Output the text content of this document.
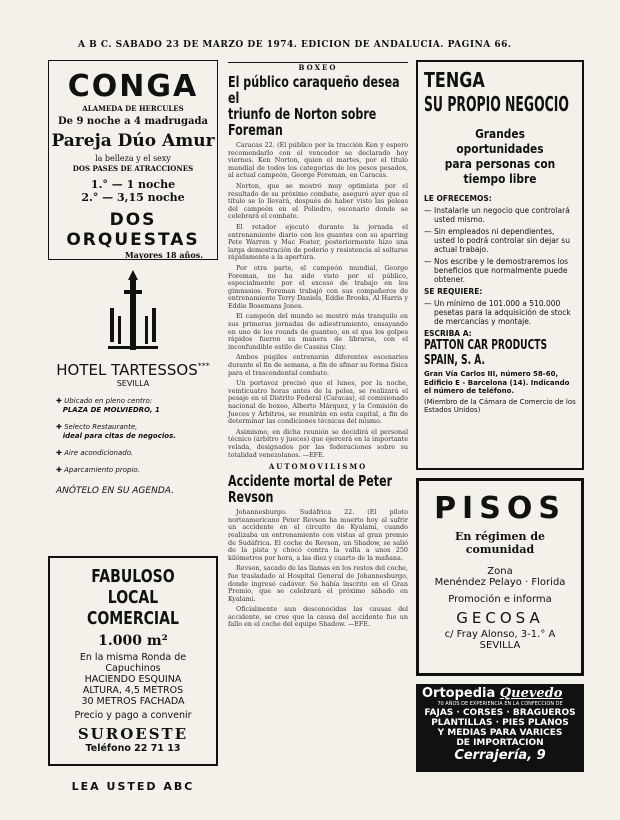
A B C. SABADO 23 DE MARZO DE 1974. EDICION DE ANDALUCIA. PAGINA 66.
CONGA
ALAMEDA DE HERCULES
De 9 noche a 4 madrugada
Pareja Dúo Amur
la belleza y el sexy
DOS PASES DE ATRACCIONES
1.° — 1 noche
2.° — 3,15 noche
DOS ORQUESTAS
Mayores 18 años.
HOTEL TARTESSOS***
SEVILLA
✚ Ubicado en pleno centro:
PLAZA DE MOLVIEDRO, 1
✚ Selecto Restaurante,
ideal para citas de negocios.
✚ Aire acondicionado.
✚ Aparcamiento propio.
ANÓTELO EN SU AGENDA.
FABULOSO LOCAL
COMERCIAL
1.000 m²
En la misma Ronda de
Capuchinos
HACIENDO ESQUINA
ALTURA, 4,5 METROS
30 METROS FACHADA
Precio y pago a convenir
SUROESTE
Teléfono 22 71 13
LEA USTED ABC
BOXEO
El público caraqueño desea el
triunfo de Norton sobre Foreman

Caracas 22. (El público por la tracción Ken y espero recomendarlo con el vencedor se declarado hoy viernes. Ken Norton, quien el martes, por el título mundial de todos los categorías de los pesos pesados, al actual campeón, George Foreman, en Caracas.

Norton, que se mostró muy optimista por el resultado de su próximo combate, aseguró ayer que el título se lo llevará, después de haber visto las peleas del campeón en el Poliedro, escenario donde se celebrará el combate.

El retador ejecutó durante la jornada el entrenamiento diario con los guantes con su sparring Pete Warren y Mac Foster, posteriormente hizo una larga demostración de poderío y resistencia al soltarse rápidamente a la apertura.

Por otra parte, el campeón mundial, George Foreman, no ha sido visto por el público, especialmente por el exceso de trabajo en los gimnasios. Foreman trabajó con sus compañeros de entrenamiento Terry Daniels, Eddie Brooks, Al Harris y Eddie Bosemans Jones.

El campeón del mundo se mostró más tranquilo en sus primeras jornadas de adiestramiento, ensayando en uno de los rounds de guanteo, en el que los golpes rápidos fueron su manera de librarse, con el inconfundible estilo de Cassius Clay.

Ambos púgiles entrenarán diferentes escenarios durante el fin de semana, a fin de afinar su forma física para el trascendental combate.

Un portavoz precisó que el lunes, por la noche, veinticuatro horas antes de la pelea, se realizará el pesaje en el Distrito Federal (Caracas), el comisionado nacional de boxeo, Alberto Márquez, y la Comisión de Jueces y Árbitros, se reunirán en esta capital, a fin de determinar las condiciones técnicas del mismo.

Asimismo, en dicha reunión se decidirá el personal técnico (árbitro y jueces) que ejercerá en la importante velada, designados por las federaciones sobre su totalidad venezolanos. —EFE.

AUTOMOVILISMO
Accidente mortal de Peter Revson

Johannesburgo. Sudáfrica 22. (El piloto norteamericano Peter Revson ha muerto hoy al sufrir un accidente en el circuito de Kyalami, cuando realizaba un entrenamiento con vistas al gran premio de Sudáfrica. El coche de Revson, un Shadow, se salió de la pista y chocó contra la valla a unos 250 kilómetros por hora, a las diez y cuarto de la mañana.

Revson, sacado de las llamas en los restos del coche, fue trasladado al Hospital General de Johannesburgo, donde ingresó cadáver. Se había inscrito en el Gran Premio, que se celebrará el próximo sábado en Kyalami.

Oficialmente aun desconocidas las causas del accidente, se cree que la causa del accidente fue un fallo en el coche del equipo Shadow. —EFE.

TENGA
SU PROPIO NEGOCIO
Grandes oportunidades
para personas con
tiempo libre
LE OFRECEMOS:
— Instalarle un negocio que controlará usted mismo.
— Sin empleados ni dependientes, usted lo podrá controlar sin dejar su actual trabajo.
— Nos escribe y le demostraremos los beneficios que normalmente puede obtener.
SE REQUIERE:
— Un mínimo de 101.000 a 510.000 pesetas para la adquisición de stock de mercancías y montaje.
ESCRIBA A:
PATTON CAR PRODUCTS
SPAIN, S. A.
Gran Vía Carlos III, número 58-60, Edificio E - Barcelona (14). Indicando el número de teléfono.
(Miembro de la Cámara de Comercio de los Estados Unidos)
PISOS
En régimen de comunidad
Zona
Menéndez Pelayo · Florida
Promoción e informa
GECOSA
c/ Fray Alonso, 3-1.° A
SEVILLA
Ortopedia Quevedo
70 AÑOS DE EXPERIENCIA EN LA CONFECCION DE
FAJAS · CORSES · BRAGUEROS
PLANTILLAS · PIES PLANOS
Y MEDIAS PARA VARICES
DE IMPORTACION
Cerrajería, 9
